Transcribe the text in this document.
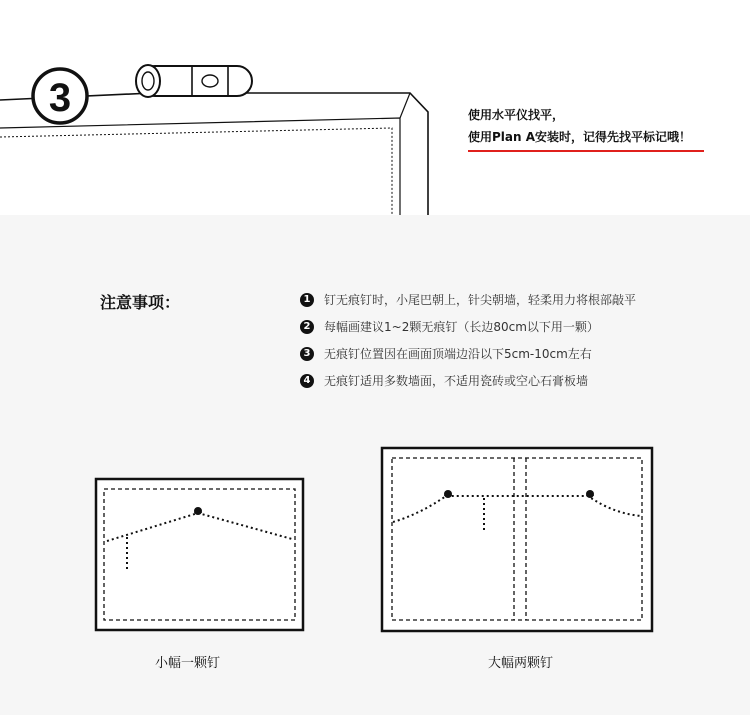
3	使用水平仪找平，
使用Plan A安装时，记得先找平标记哦！
注意事项：	1 钉无痕钉时，小尾巴朝上，针尖朝墙，轻柔用力将根部敲平
2 每幅画建议1~2颗无痕钉（长边80cm以下用一颗）
3 无痕钉位置因在画面顶端边沿以下5cm-10cm左右
4 无痕钉适用多数墙面，不适用瓷砖或空心石膏板墙
小幅一颗钉	大幅两颗钉
